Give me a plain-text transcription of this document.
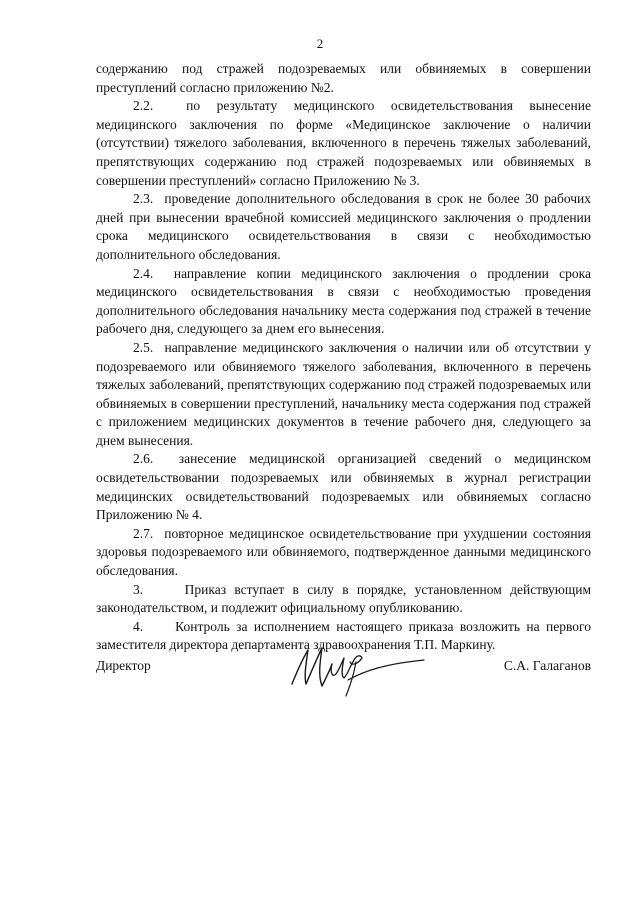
2

содержанию под стражей подозреваемых или обвиняемых в совершении преступлений согласно приложению №2.

2.2.  по результату медицинского освидетельствования вынесение медицинского заключения по форме «Медицинское заключение о наличии (отсутствии) тяжелого заболевания, включенного в перечень тяжелых заболеваний, препятствующих содержанию под стражей подозреваемых или обвиняемых в совершении преступлений» согласно Приложению № 3.

2.3.  проведение дополнительного обследования в срок не более 30 рабочих дней при вынесении врачебной комиссией медицинского заключения о продлении срока медицинского освидетельствования в связи с необходимостью дополнительного обследования.

2.4.  направление копии медицинского заключения о продлении срока медицинского освидетельствования в связи с необходимостью проведения дополнительного обследования начальнику места содержания под стражей в течение рабочего дня, следующего за днем его вынесения.

2.5.  направление медицинского заключения о наличии или об отсутствии у подозреваемого или обвиняемого тяжелого заболевания, включенного в перечень тяжелых заболеваний, препятствующих содержанию под стражей подозреваемых или обвиняемых в совершении преступлений, начальнику места содержания под стражей с приложением медицинских документов в течение рабочего дня, следующего за днем вынесения.

2.6.  занесение медицинской организацией сведений о медицинском освидетельствовании подозреваемых или обвиняемых в журнал регистрации медицинских освидетельствований подозреваемых или обвиняемых согласно Приложению № 4.

2.7.  повторное медицинское освидетельствование при ухудшении состояния здоровья подозреваемого или обвиняемого, подтвержденное данными медицинского обследования.

3.     Приказ вступает в силу в порядке, установленном действующим законодательством, и подлежит официальному опубликованию.

4.     Контроль за исполнением настоящего приказа возложить на первого заместителя директора департамента здравоохранения Т.П. Маркину.

Директор	С.А. Галаганов
